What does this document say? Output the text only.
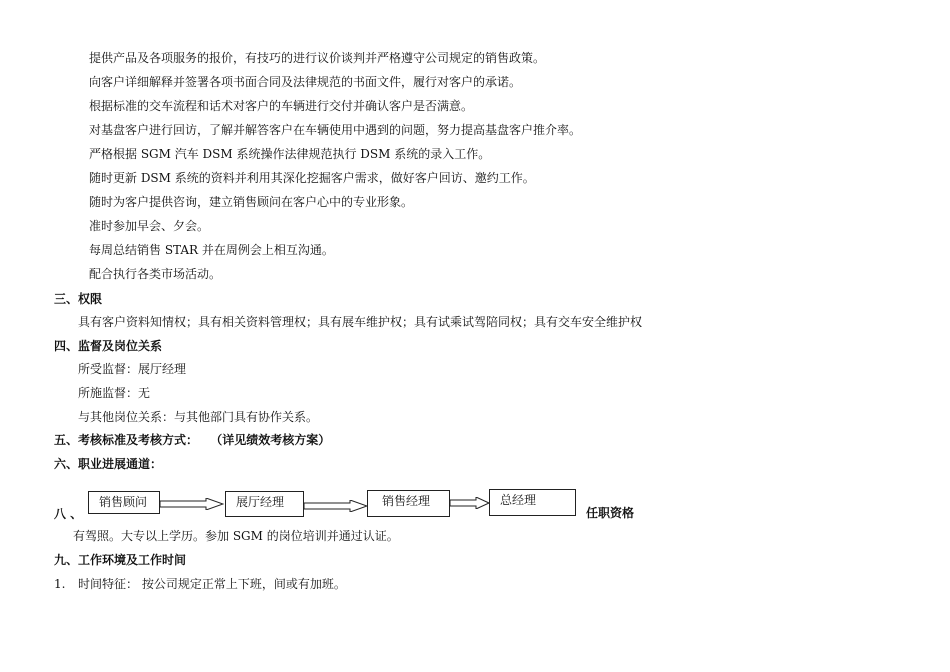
提供产品及各项服务的报价，有技巧的进行议价谈判并严格遵守公司规定的销售政策。
向客户详细解释并签署各项书面合同及法律规范的书面文件，履行对客户的承诺。
根据标准的交车流程和话术对客户的车辆进行交付并确认客户是否满意。
对基盘客户进行回访，了解并解答客户在车辆使用中遇到的问题，努力提高基盘客户推介率。
严格根据 SGM 汽车 DSM 系统操作法律规范执行 DSM 系统的录入工作。
随时更新 DSM 系统的资料并利用其深化挖掘客户需求，做好客户回访、邀约工作。
随时为客户提供咨询，建立销售顾问在客户心中的专业形象。
准时参加早会、夕会。
每周总结销售 STAR 并在周例会上相互沟通。
配合执行各类市场活动。
三、权限
具有客户资料知情权；具有相关资料管理权；具有展车维护权；具有试乘试驾陪同权；具有交车安全维护权
四、监督及岗位关系
所受监督：展厅经理
所施监督：无
与其他岗位关系：与其他部门具有协作关系。
五、考核标准及考核方式： （详见绩效考核方案）
六、职业进展通道：
销售顾问	展厅经理	销售经理	总经理
八 、	任职资格
有驾照。大专以上学历。参加 SGM 的岗位培训并通过认证。
九、工作环境及工作时间
1. 时间特征： 按公司规定正常上下班，间或有加班。
